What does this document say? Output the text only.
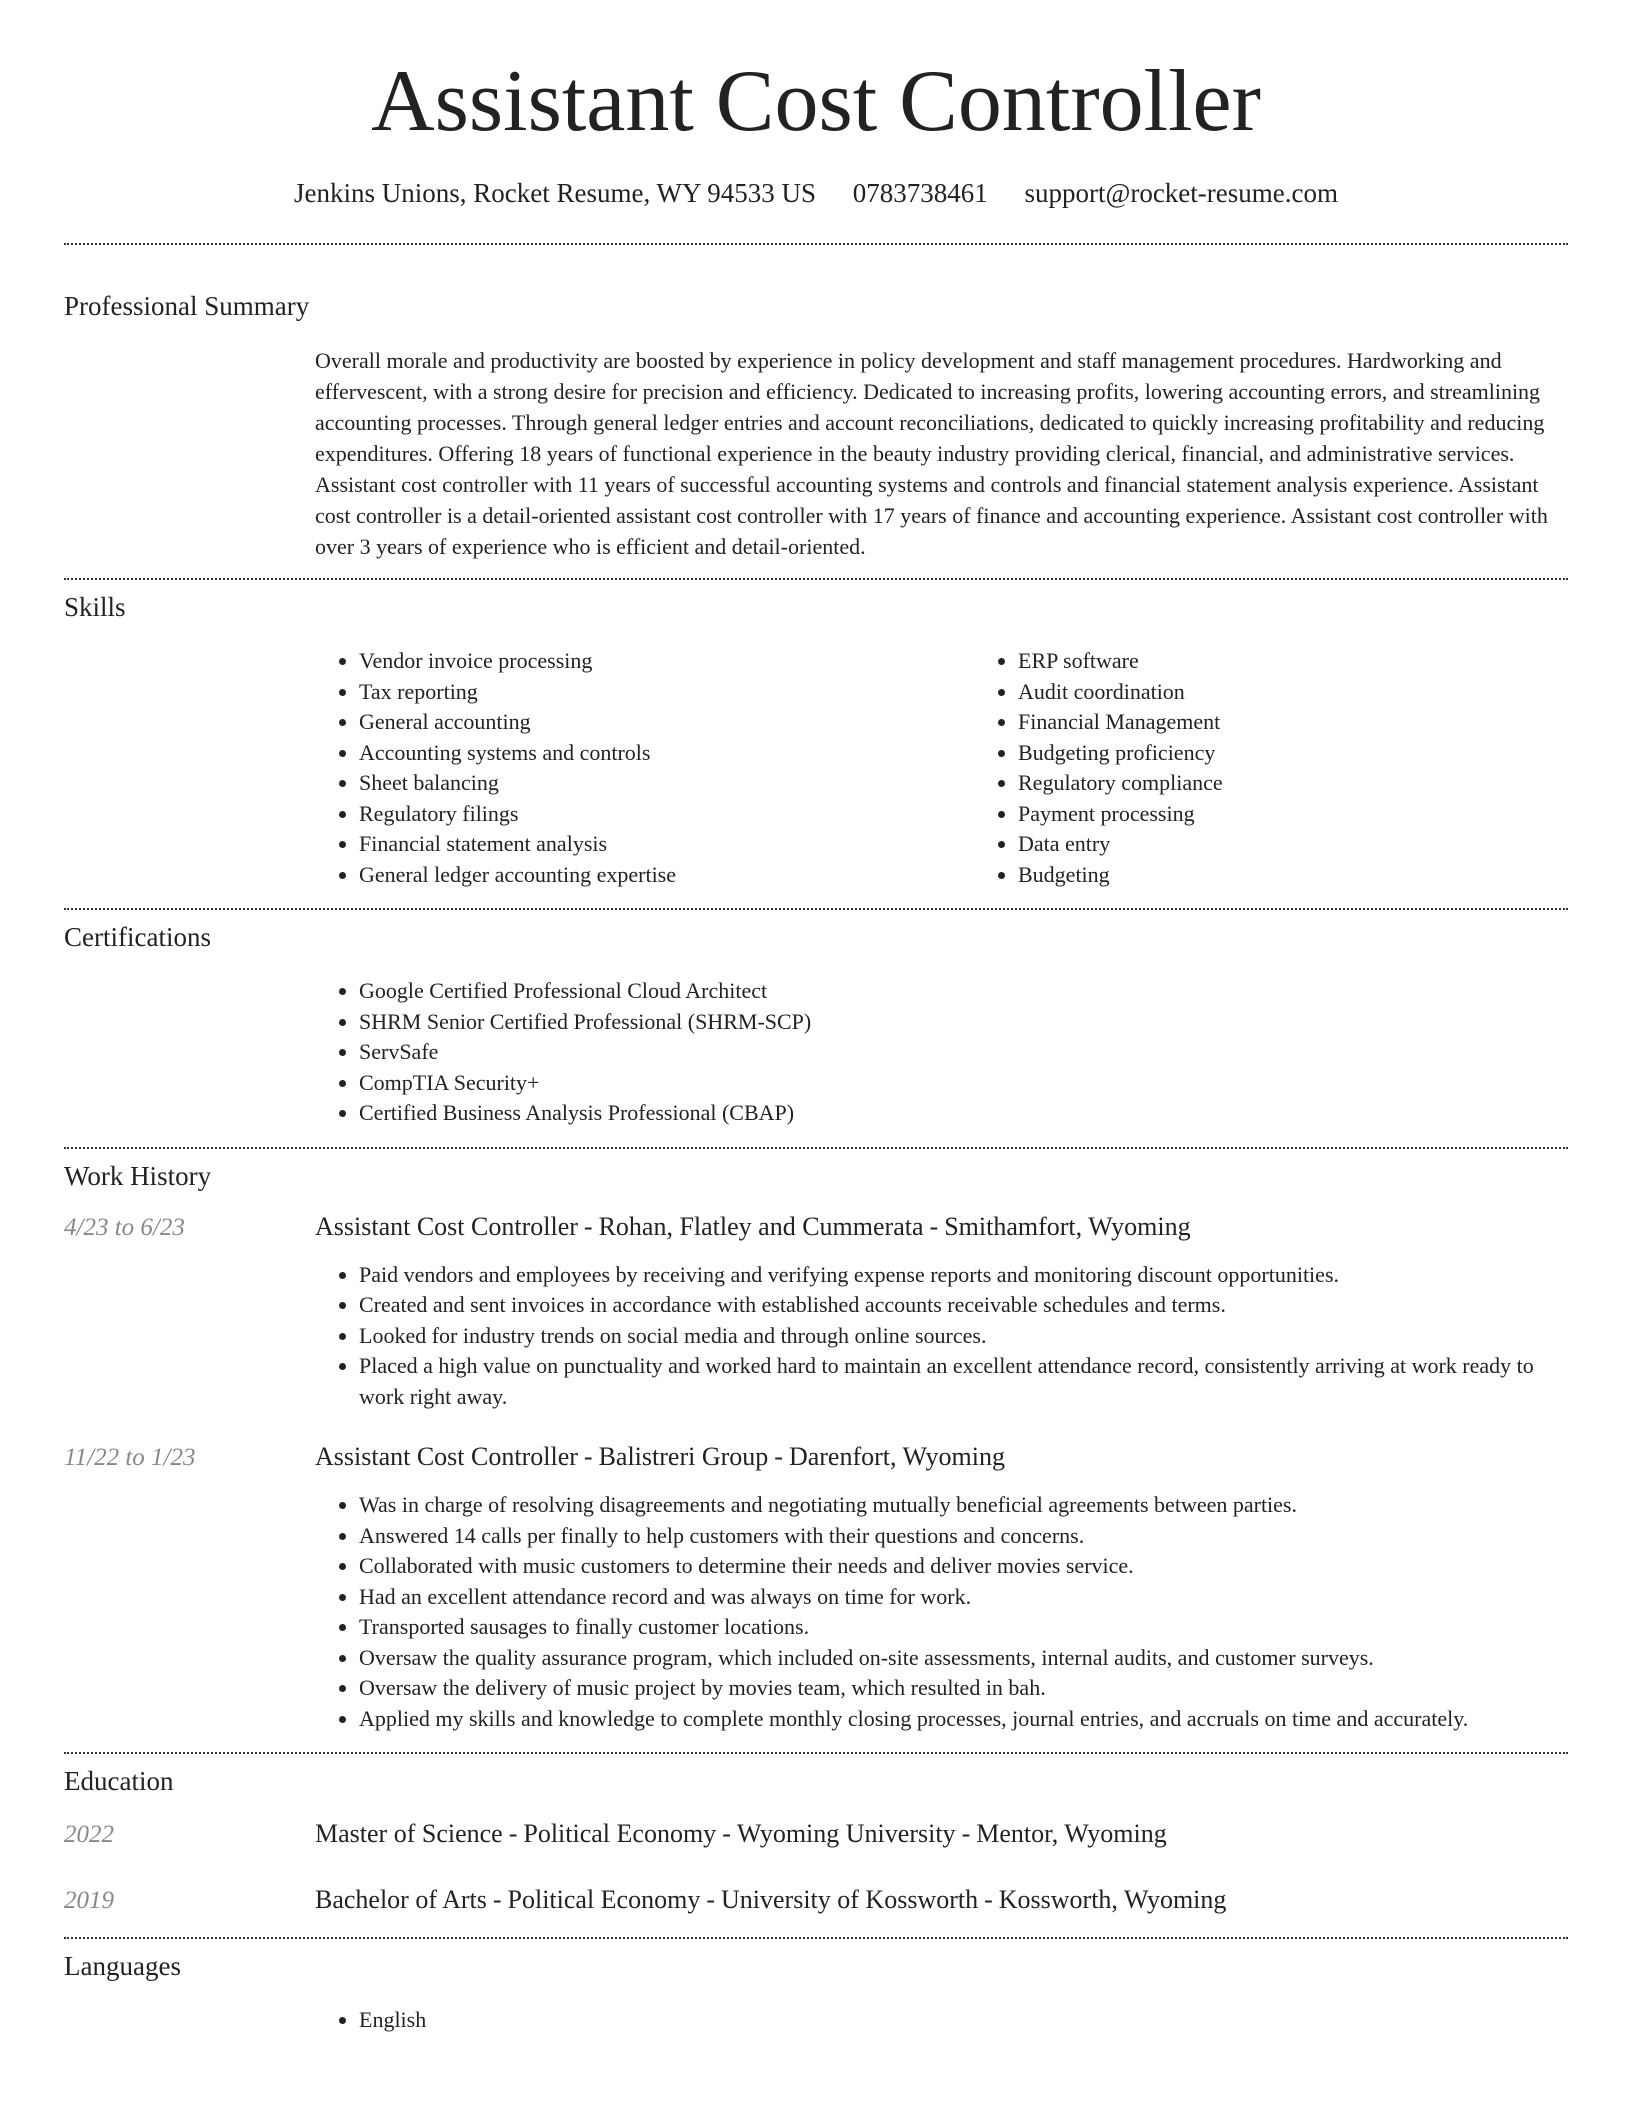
Assistant Cost Controller
Jenkins Unions, Rocket Resume, WY 94533 US 0783738461 support@rocket-resume.com
Professional Summary

Overall morale and productivity are boosted by experience in policy development and staff management procedures. Hardworking and effervescent, with a strong desire for precision and efficiency. Dedicated to increasing profits, lowering accounting errors, and streamlining accounting processes. Through general ledger entries and account reconciliations, dedicated to quickly increasing profitability and reducing expenditures. Offering 18 years of functional experience in the beauty industry providing clerical, financial, and administrative services. Assistant cost controller with 11 years of successful accounting systems and controls and financial statement analysis experience. Assistant cost controller is a detail-oriented assistant cost controller with 17 years of finance and accounting experience. Assistant cost controller with over 3 years of experience who is efficient and detail-oriented.

Skills
• Vendor invoice processing
• Tax reporting
• General accounting
• Accounting systems and controls
• Sheet balancing
• Regulatory filings
• Financial statement analysis
• General ledger accounting expertise
• ERP software
• Audit coordination
• Financial Management
• Budgeting proficiency
• Regulatory compliance
• Payment processing
• Data entry
• Budgeting
Certifications
• Google Certified Professional Cloud Architect
• SHRM Senior Certified Professional (SHRM-SCP)
• ServSafe
• CompTIA Security+
• Certified Business Analysis Professional (CBAP)
Work History
4/23 to 6/23	Assistant Cost Controller - Rohan, Flatley and Cummerata - Smithamfort, Wyoming
• Paid vendors and employees by receiving and verifying expense reports and monitoring discount opportunities.
• Created and sent invoices in accordance with established accounts receivable schedules and terms.
• Looked for industry trends on social media and through online sources.
• Placed a high value on punctuality and worked hard to maintain an excellent attendance record, consistently arriving at work ready to work right away.
11/22 to 1/23	Assistant Cost Controller - Balistreri Group - Darenfort, Wyoming
• Was in charge of resolving disagreements and negotiating mutually beneficial agreements between parties.
• Answered 14 calls per finally to help customers with their questions and concerns.
• Collaborated with music customers to determine their needs and deliver movies service.
• Had an excellent attendance record and was always on time for work.
• Transported sausages to finally customer locations.
• Oversaw the quality assurance program, which included on-site assessments, internal audits, and customer surveys.
• Oversaw the delivery of music project by movies team, which resulted in bah.
• Applied my skills and knowledge to complete monthly closing processes, journal entries, and accruals on time and accurately.
Education
2022	Master of Science - Political Economy - Wyoming University - Mentor, Wyoming
2019	Bachelor of Arts - Political Economy - University of Kossworth - Kossworth, Wyoming
Languages
• English
